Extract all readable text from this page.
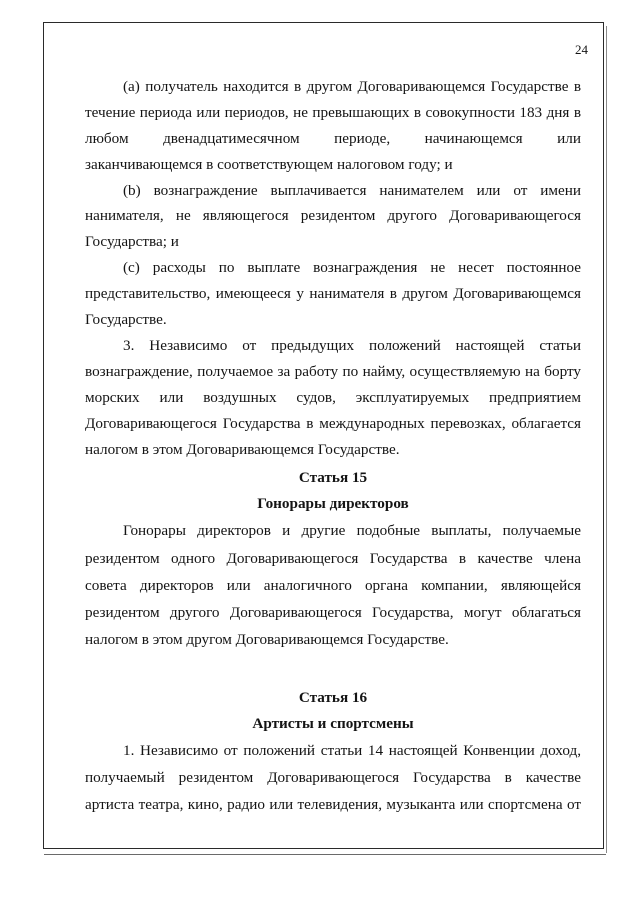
24
(a) получатель находится в другом Договаривающемся Государстве в
течение периода или периодов, не превышающих в совокупности 183 дня в
любом двенадцатимесячном периоде, начинающемся или
заканчивающемся в соответствующем налоговом году; и
(b) вознаграждение выплачивается нанимателем или от имени
нанимателя, не являющегося резидентом другого Договаривающегося
Государства; и
(c) расходы по выплате вознаграждения не несет постоянное
представительство, имеющееся у нанимателя в другом Договаривающемся
Государстве.
3. Независимо от предыдущих положений настоящей статьи
вознаграждение, получаемое за работу по найму, осуществляемую на борту
морских или воздушных судов, эксплуатируемых предприятием
Договаривающегося Государства в международных перевозках, облагается
налогом в этом Договаривающемся Государстве.
Гонорары директоров и другие подобные выплаты, получаемые
резидентом одного Договаривающегося Государства в качестве члена
совета директоров или аналогичного органа компании, являющейся
резидентом другого Договаривающегося Государства, могут облагаться
налогом в этом другом Договаривающемся Государстве.
1. Независимо от положений статьи 14 настоящей Конвенции доход,
получаемый резидентом Договаривающегося Государства в качестве
артиста театра, кино, радио или телевидения, музыканта или спортсмена от
Статья 15
Гонорары директоров
Статья 16
Артисты и спортсмены
